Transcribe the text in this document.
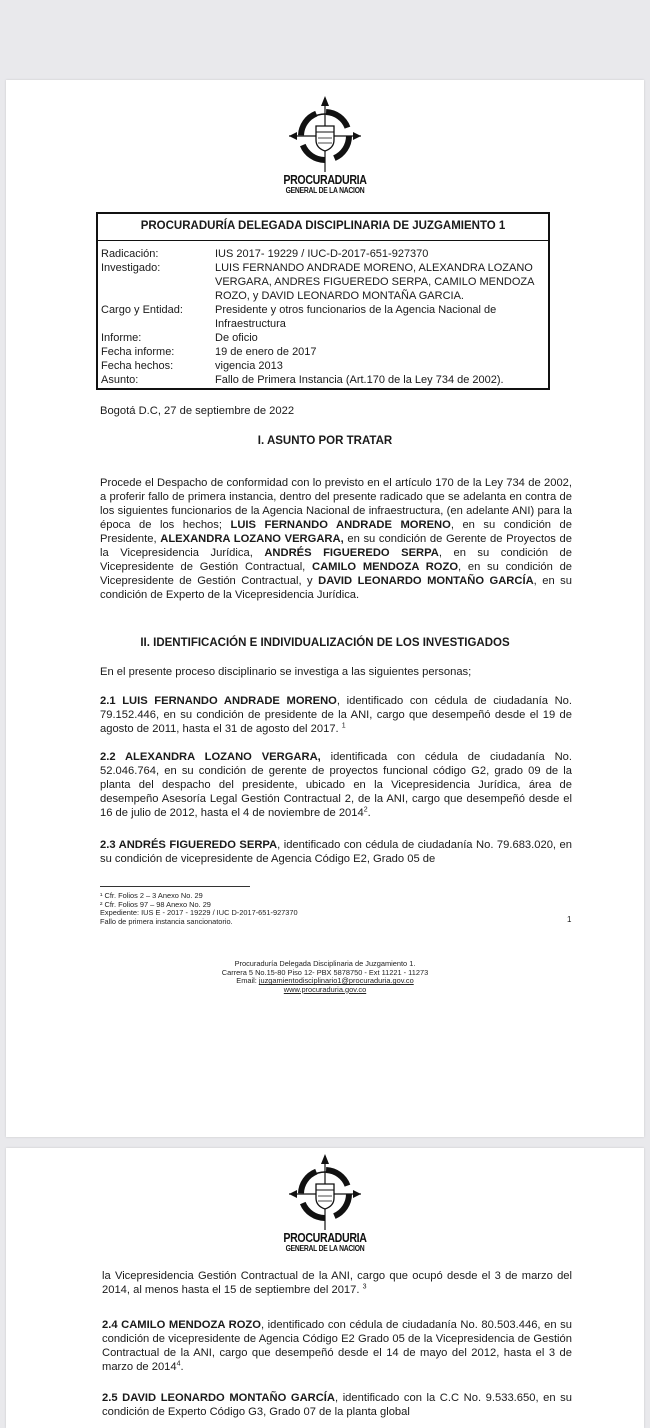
PROCURADURIA
GENERAL DE LA NACION
PROCURADURÍA DELEGADA DISCIPLINARIA DE JUZGAMIENTO 1
Radicación:	IUS 2017- 19229 / IUC-D-2017-651-927370
Investigado:	LUIS FERNANDO ANDRADE MORENO, ALEXANDRA LOZANO VERGARA, ANDRES FIGUEREDO SERPA, CAMILO MENDOZA ROZO, y DAVID LEONARDO MONTAÑA GARCIA.
Cargo y Entidad:	Presidente y otros funcionarios de la Agencia Nacional de Infraestructura
Informe:	De oficio
Fecha informe:	19 de enero de 2017
Fecha hechos:	vigencia 2013
Asunto:	Fallo de Primera Instancia (Art.170 de la Ley 734 de 2002).
Bogotá D.C, 27 de septiembre de 2022
I. ASUNTO POR TRATAR
Procede el Despacho de conformidad con lo previsto en el artículo 170 de la Ley 734 de 2002, a proferir fallo de primera instancia, dentro del presente radicado que se adelanta en contra de los siguientes funcionarios de la Agencia Nacional de infraestructura, (en adelante ANI) para la época de los hechos; LUIS FERNANDO ANDRADE MORENO, en su condición de Presidente, ALEXANDRA LOZANO VERGARA, en su condición de Gerente de Proyectos de la Vicepresidencia Jurídica, ANDRÉS FIGUEREDO SERPA, en su condición de Vicepresidente de Gestión Contractual, CAMILO MENDOZA ROZO, en su condición de Vicepresidente de Gestión Contractual, y DAVID LEONARDO MONTAÑO GARCÍA, en su condición de Experto de la Vicepresidencia Jurídica.
II. IDENTIFICACIÓN E INDIVIDUALIZACIÓN DE LOS INVESTIGADOS
En el presente proceso disciplinario se investiga a las siguientes personas;
2.1 LUIS FERNANDO ANDRADE MORENO, identificado con cédula de ciudadanía No. 79.152.446, en su condición de presidente de la ANI, cargo que desempeñó desde el 19 de agosto de 2011, hasta el 31 de agosto del 2017. $^1$
2.2 ALEXANDRA LOZANO VERGARA, identificada con cédula de ciudadanía No. 52.046.764, en su condición de gerente de proyectos funcional código G2, grado 09 de la planta del despacho del presidente, ubicado en la Vicepresidencia Jurídica, área de desempeño Asesoría Legal Gestión Contractual 2, de la ANI, cargo que desempeñó desde el 16 de julio de 2012, hasta el 4 de noviembre de 2014$^2$.
2.3 ANDRÉS FIGUEREDO SERPA, identificado con cédula de ciudadanía No. 79.683.020, en su condición de vicepresidente de Agencia Código E2, Grado 05 de
¹ Cfr. Folios 2 – 3 Anexo No. 29
² Cfr. Folios 97 – 98 Anexo No. 29
Expediente: IUS E - 2017 - 19229 / IUC D-2017-651-927370
Fallo de primera instancia sancionatorio.	1
Procuraduría Delegada Disciplinaria de Juzgamiento 1.
Carrera 5 No.15-80 Piso 12- PBX 5878750 - Ext 11221 - 11273
Email: juzgamientodisciplinario1@procuraduria.gov.co
www.procuraduria.gov.co
PROCURADURIA
GENERAL DE LA NACION
la Vicepresidencia Gestión Contractual de la ANI, cargo que ocupó desde el 3 de marzo del 2014, al menos hasta el 15 de septiembre del 2017. $^3$
2.4 CAMILO MENDOZA ROZO, identificado con cédula de ciudadanía No. 80.503.446, en su condición de vicepresidente de Agencia Código E2 Grado 05 de la Vicepresidencia de Gestión Contractual de la ANI, cargo que desempeñó desde el 14 de mayo del 2012, hasta el 3 de marzo de 2014$^4$.
2.5 DAVID LEONARDO MONTAÑO GARCÍA, identificado con la C.C No. 9.533.650, en su condición de Experto Código G3, Grado 07 de la planta global
